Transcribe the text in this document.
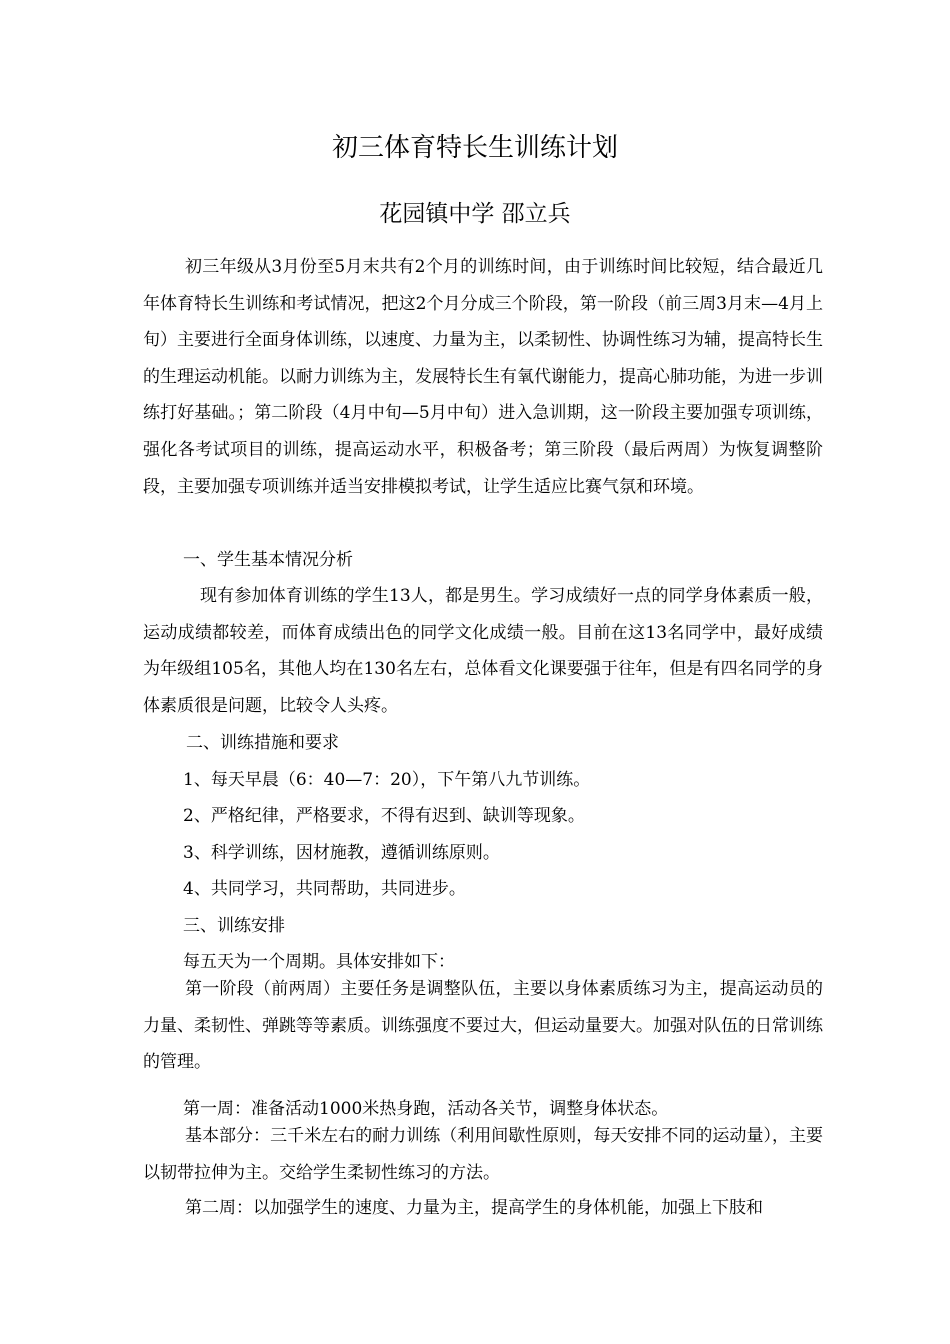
初三体育特长生训练计划
花园镇中学 邵立兵

初三年级从3月份至5月末共有2个月的训练时间，由于训练时间比较短，结合最近几年体育特长生训练和考试情况，把这2个月分成三个阶段，第一阶段（前三周3月末—4月上旬）主要进行全面身体训练，以速度、力量为主，以柔韧性、协调性练习为辅，提高特长生的生理运动机能。以耐力训练为主，发展特长生有氧代谢能力，提高心肺功能，为进一步训练打好基础。；第二阶段（4月中旬—5月中旬）进入急训期，这一阶段主要加强专项训练，强化各考试项目的训练，提高运动水平，积极备考；第三阶段（最后两周）为恢复调整阶段，主要加强专项训练并适当安排模拟考试，让学生适应比赛气氛和环境。

一、学生基本情况分析

现有参加体育训练的学生13人，都是男生。学习成绩好一点的同学身体素质一般，运动成绩都较差，而体育成绩出色的同学文化成绩一般。目前在这13名同学中，最好成绩为年级组105名，其他人均在130名左右，总体看文化课要强于往年，但是有四名同学的身体素质很是问题，比较令人头疼。

二、训练措施和要求
1、每天早晨（6：40—7：20），下午第八九节训练。
2、严格纪律，严格要求，不得有迟到、缺训等现象。
3、科学训练，因材施教，遵循训练原则。
4、共同学习，共同帮助，共同进步。
三、训练安排
每五天为一个周期。具体安排如下：

第一阶段（前两周）主要任务是调整队伍，主要以身体素质练习为主，提高运动员的力量、柔韧性、弹跳等等素质。训练强度不要过大，但运动量要大。加强对队伍的日常训练的管理。

第一周：准备活动1000米热身跑，活动各关节，调整身体状态。

基本部分：三千米左右的耐力训练（利用间歇性原则，每天安排不同的运动量），主要以韧带拉伸为主。交给学生柔韧性练习的方法。

第二周：以加强学生的速度、力量为主，提高学生的身体机能，加强上下肢和
